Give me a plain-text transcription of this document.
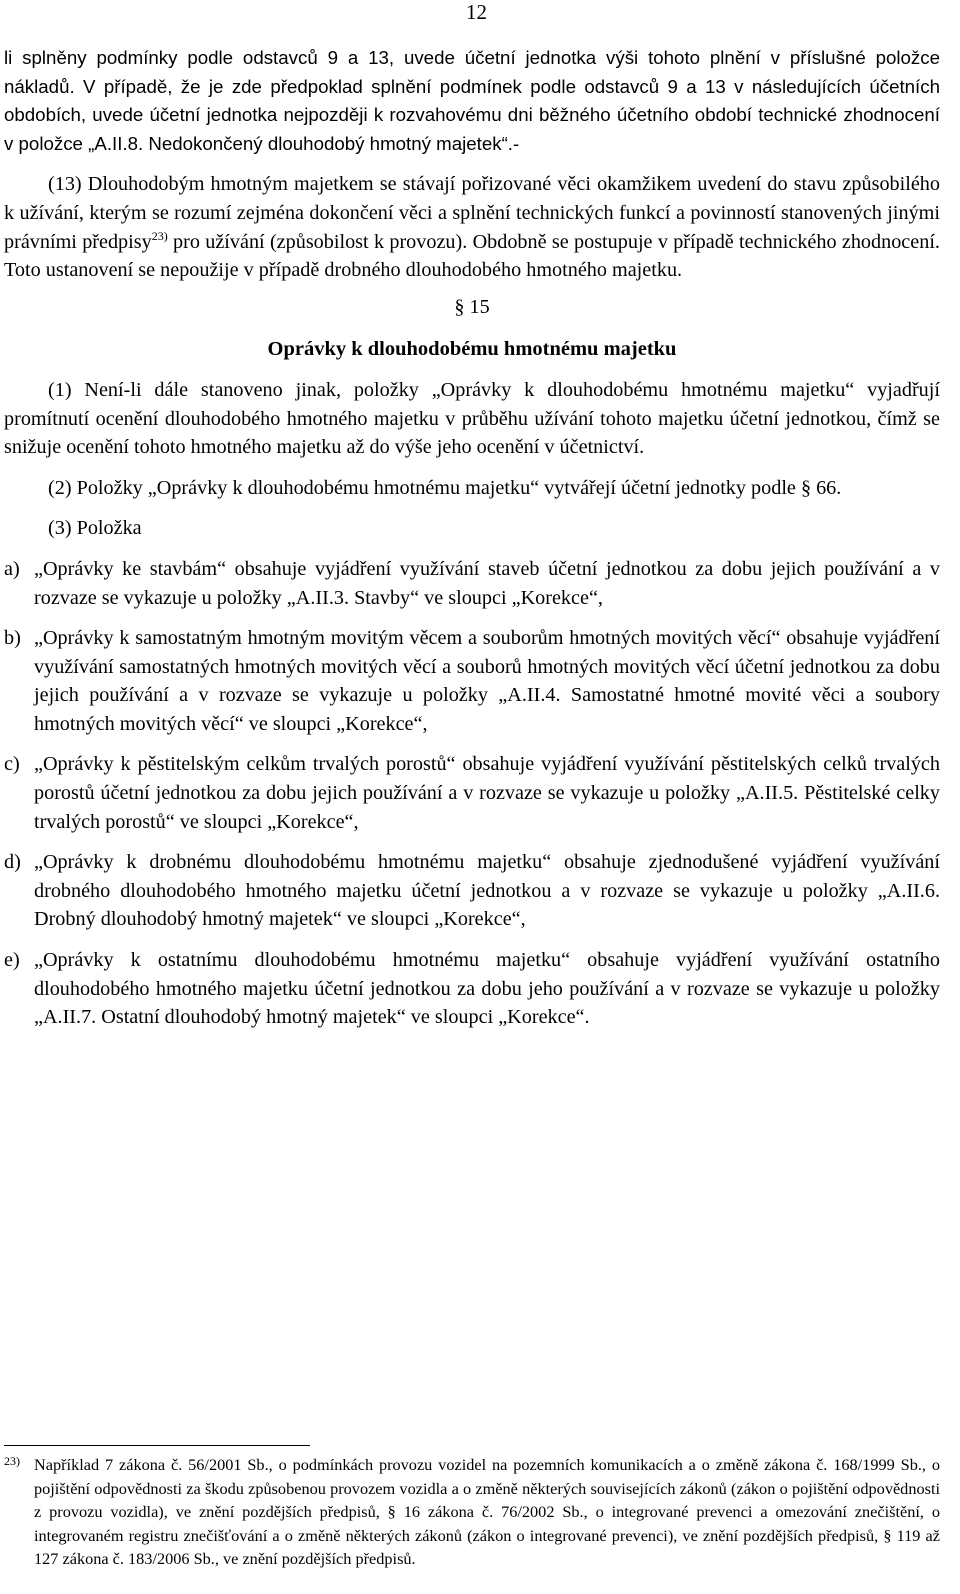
12

li splněny podmínky podle odstavců 9 a 13, uvede účetní jednotka výši tohoto plnění v příslušné položce nákladů. V případě, že je zde předpoklad splnění podmínek podle odstavců 9 a 13 v následujících účetních obdobích, uvede účetní jednotka nejpozději k rozvahovému dni běžného účetního období technické zhodnocení v položce „A.II.8. Nedokončený dlouhodobý hmotný majetek“.-

(13) Dlouhodobým hmotným majetkem se stávají pořizované věci okamžikem uvedení do stavu způsobilého k užívání, kterým se rozumí zejména dokončení věci a splnění technických funkcí a povinností stanovených jinými právními předpisy$^{23)}$ pro užívání (způsobilost k provozu). Obdobně se postupuje v případě technického zhodnocení. Toto ustanovení se nepoužije v případě drobného dlouhodobého hmotného majetku.

§ 15
Oprávky k dlouhodobému hmotnému majetku

(1) Není-li dále stanoveno jinak, položky „Oprávky k dlouhodobému hmotnému majetku“ vyjadřují promítnutí ocenění dlouhodobého hmotného majetku v průběhu užívání tohoto majetku účetní jednotkou, čímž se snižuje ocenění tohoto hmotného majetku až do výše jeho ocenění v účetnictví.

(2) Položky „Oprávky k dlouhodobému hmotnému majetku“ vytvářejí účetní jednotky podle § 66.

(3) Položka

a) „Oprávky ke stavbám“ obsahuje vyjádření využívání staveb účetní jednotkou za dobu jejich používání a v rozvaze se vykazuje u položky „A.II.3. Stavby“ ve sloupci „Korekce“,
b) „Oprávky k samostatným hmotným movitým věcem a souborům hmotných movitých věcí“ obsahuje vyjádření využívání samostatných hmotných movitých věcí a souborů hmotných movitých věcí účetní jednotkou za dobu jejich používání a v rozvaze se vykazuje u položky „A.II.4. Samostatné hmotné movité věci a soubory hmotných movitých věcí“ ve sloupci „Korekce“,
c) „Oprávky k pěstitelským celkům trvalých porostů“ obsahuje vyjádření využívání pěstitelských celků trvalých porostů účetní jednotkou za dobu jejich používání a v rozvaze se vykazuje u položky „A.II.5. Pěstitelské celky trvalých porostů“ ve sloupci „Korekce“,
d) „Oprávky k drobnému dlouhodobému hmotnému majetku“ obsahuje zjednodušené vyjádření využívání drobného dlouhodobého hmotného majetku účetní jednotkou a v rozvaze se vykazuje u položky „A.II.6. Drobný dlouhodobý hmotný majetek“ ve sloupci „Korekce“,
e) „Oprávky k ostatnímu dlouhodobému hmotnému majetku“ obsahuje vyjádření využívání ostatního dlouhodobého hmotného majetku účetní jednotkou za dobu jeho používání a v rozvaze se vykazuje u položky „A.II.7. Ostatní dlouhodobý hmotný majetek“ ve sloupci „Korekce“.
23) Například 7 zákona č. 56/2001 Sb., o podmínkách provozu vozidel na pozemních komunikacích a o změně zákona č. 168/1999 Sb., o pojištění odpovědnosti za škodu způsobenou provozem vozidla a o změně některých souvisejících zákonů (zákon o pojištění odpovědnosti z provozu vozidla), ve znění pozdějších předpisů, § 16 zákona č. 76/2002 Sb., o integrované prevenci a omezování znečištění, o integrovaném registru znečišťování a o změně některých zákonů (zákon o integrované prevenci), ve znění pozdějších předpisů, § 119 až 127 zákona č. 183/2006 Sb., ve znění pozdějších předpisů.
